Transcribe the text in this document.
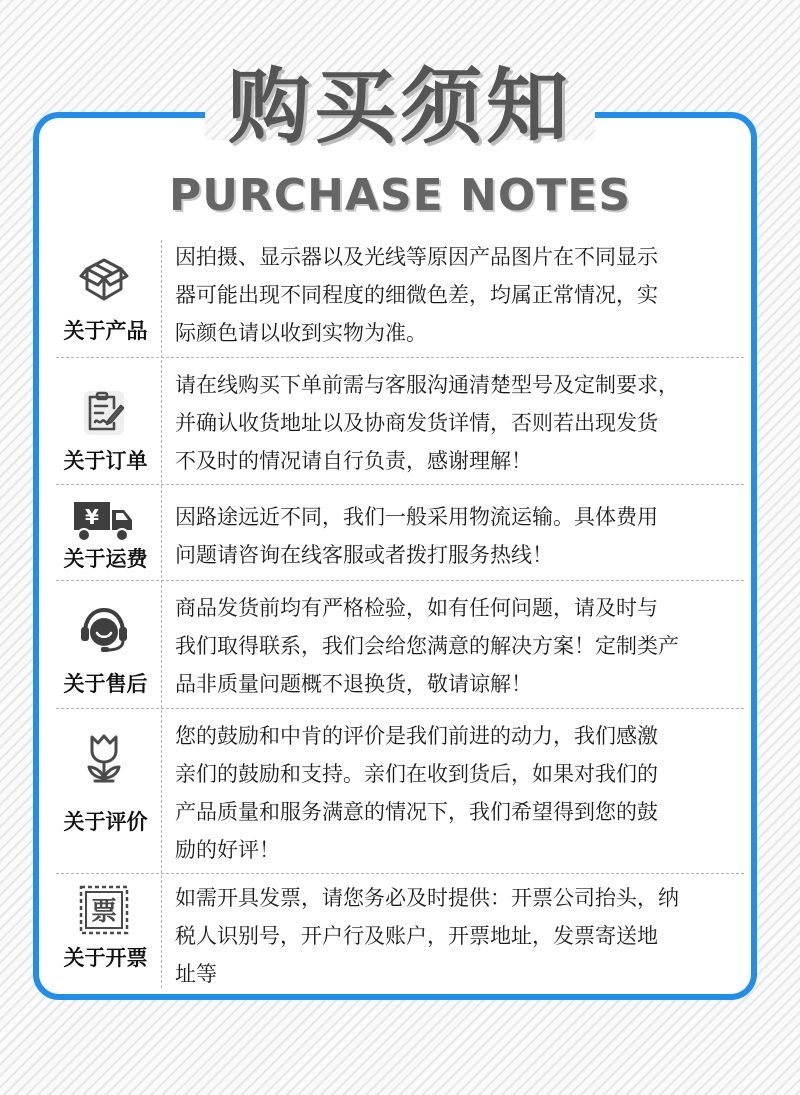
购买须知
PURCHASE NOTES
关于产品

因拍摄、显示器以及光线等原因产品图片在不同显示

器可能出现不同程度的细微色差，均属正常情况，实

际颜色请以收到实物为准。

关于订单

请在线购买下单前需与客服沟通清楚型号及定制要求，

并确认收货地址以及协商发货详情，否则若出现发货

不及时的情况请自行负责，感谢理解！

¥
关于运费

因路途远近不同，我们一般采用物流运输。具体费用

问题请咨询在线客服或者拨打服务热线！

关于售后

商品发货前均有严格检验，如有任何问题，请及时与

我们取得联系，我们会给您满意的解决方案！定制类产

品非质量问题概不退换货，敬请谅解！

关于评价

您的鼓励和中肯的评价是我们前进的动力，我们感激

亲们的鼓励和支持。亲们在收到货后，如果对我们的

产品质量和服务满意的情况下，我们希望得到您的鼓

励的好评！

票
关于开票

如需开具发票，请您务必及时提供：开票公司抬头，纳

税人识别号，开户行及账户，开票地址，发票寄送地

址等
